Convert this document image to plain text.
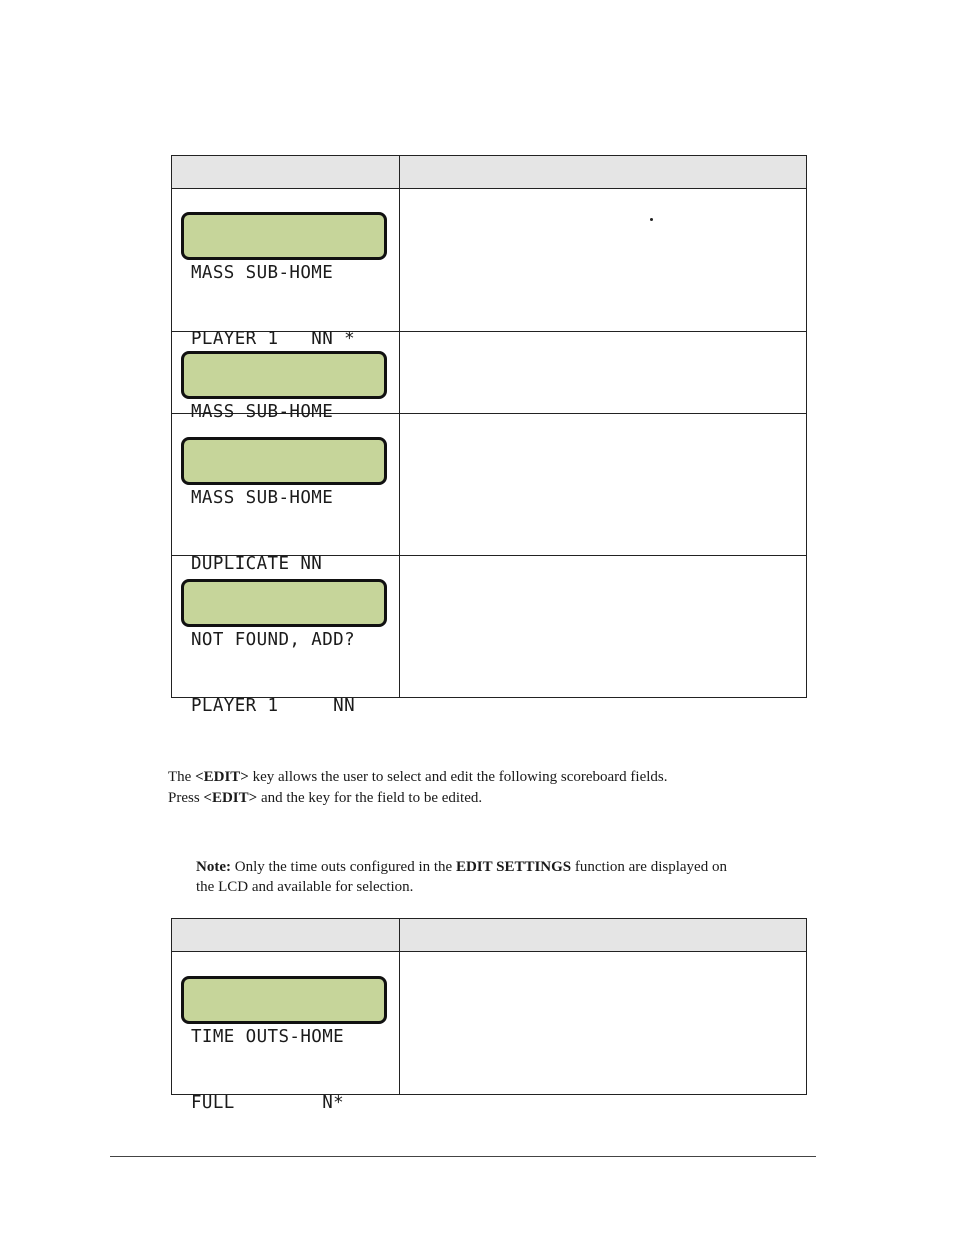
MASS SUB-HOME

PLAYER 1   NN *

MASS SUB-HOME

MASS SUB-HOME

DUPLICATE NN

NOT FOUND, ADD?

PLAYER 1     NN

The <EDIT> key allows the user to select and edit the following scoreboard fields.
Press <EDIT> and the key for the field to be edited.
Note: Only the time outs configured in the EDIT SETTINGS function are displayed on
the LCD and available for selection.

TIME OUTS-HOME

FULL        N*
